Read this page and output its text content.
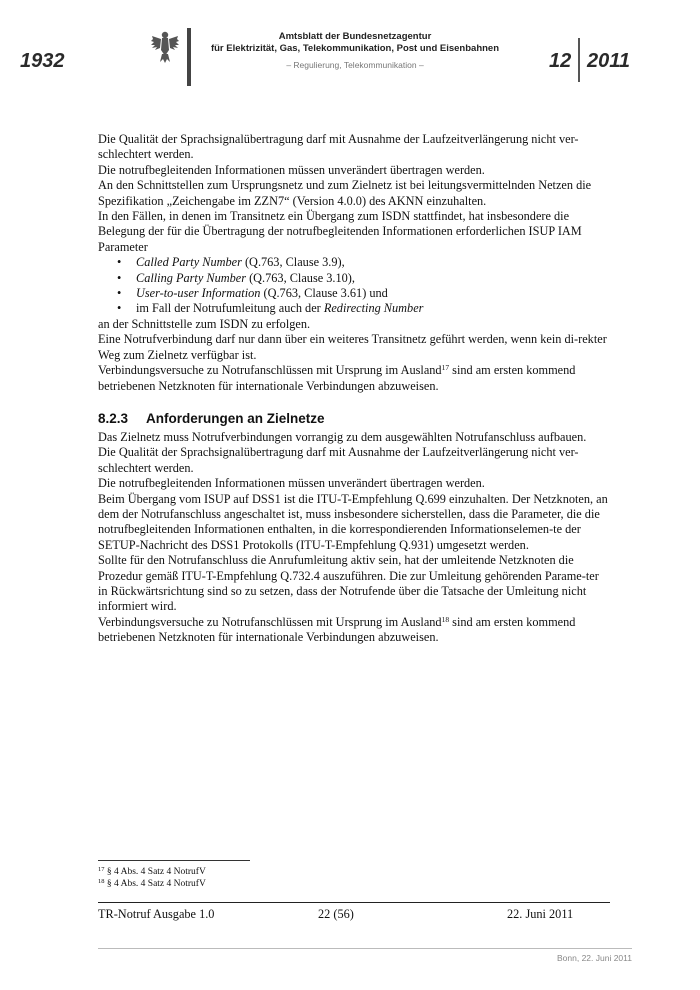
1932
Amtsblatt der Bundesnetzagentur
für Elektrizität, Gas, Telekommunikation, Post und Eisenbahnen
– Regulierung, Telekommunikation –	12 2011

Die Qualität der Sprachsignalübertragung darf mit Ausnahme der Laufzeitverlängerung nicht ver-schlechtert werden.

Die notrufbegleitenden Informationen müssen unverändert übertragen werden.

An den Schnittstellen zum Ursprungsnetz und zum Zielnetz ist bei leitungsvermittelnden Netzen die Spezifikation „Zeichengabe im ZZN7“ (Version 4.0.0) des AKNN einzuhalten.

In den Fällen, in denen im Transitnetz ein Übergang zum ISDN stattfindet, hat insbesondere die Belegung der für die Übertragung der notrufbegleitenden Informationen erforderlichen ISUP IAM Parameter

• Called Party Number (Q.763, Clause 3.9),
• Calling Party Number (Q.763, Clause 3.10),
• User-to-user Information (Q.763, Clause 3.61) und
• im Fall der Notrufumleitung auch der Redirecting Number

an der Schnittstelle zum ISDN zu erfolgen.

Eine Notrufverbindung darf nur dann über ein weiteres Transitnetz geführt werden, wenn kein di-rekter Weg zum Zielnetz verfügbar ist.

Verbindungsversuche zu Notrufanschlüssen mit Ursprung im Ausland$^{17}$ sind am ersten kommend betriebenen Netzknoten für internationale Verbindungen abzuweisen.

8.2.3 Anforderungen an Zielnetze

Das Zielnetz muss Notrufverbindungen vorrangig zu dem ausgewählten Notrufanschluss aufbauen.

Die Qualität der Sprachsignalübertragung darf mit Ausnahme der Laufzeitverlängerung nicht ver-schlechtert werden.

Die notrufbegleitenden Informationen müssen unverändert übertragen werden.

Beim Übergang vom ISUP auf DSS1 ist die ITU-T-Empfehlung Q.699 einzuhalten. Der Netzknoten, an dem der Notrufanschluss angeschaltet ist, muss insbesondere sicherstellen, dass die Parameter, die die notrufbegleitenden Informationen enthalten, in die korrespondierenden Informationselemen-te der SETUP-Nachricht des DSS1 Protokolls (ITU-T-Empfehlung Q.931) umgesetzt werden.

Sollte für den Notrufanschluss die Anrufumleitung aktiv sein, hat der umleitende Netzknoten die Prozedur gemäß ITU-T-Empfehlung Q.732.4 auszuführen. Die zur Umleitung gehörenden Parame-ter in Rückwärtsrichtung sind so zu setzen, dass der Notrufende über die Tatsache der Umleitung nicht informiert wird.

Verbindungsversuche zu Notrufanschlüssen mit Ursprung im Ausland$^{18}$ sind am ersten kommend betriebenen Netzknoten für internationale Verbindungen abzuweisen.

$^{17}$ § 4 Abs. 4 Satz 4 NotrufV
$^{18}$ § 4 Abs. 4 Satz 4 NotrufV
TR-Notruf Ausgabe 1.0	22 (56)	22. Juni 2011
Bonn, 22. Juni 2011
